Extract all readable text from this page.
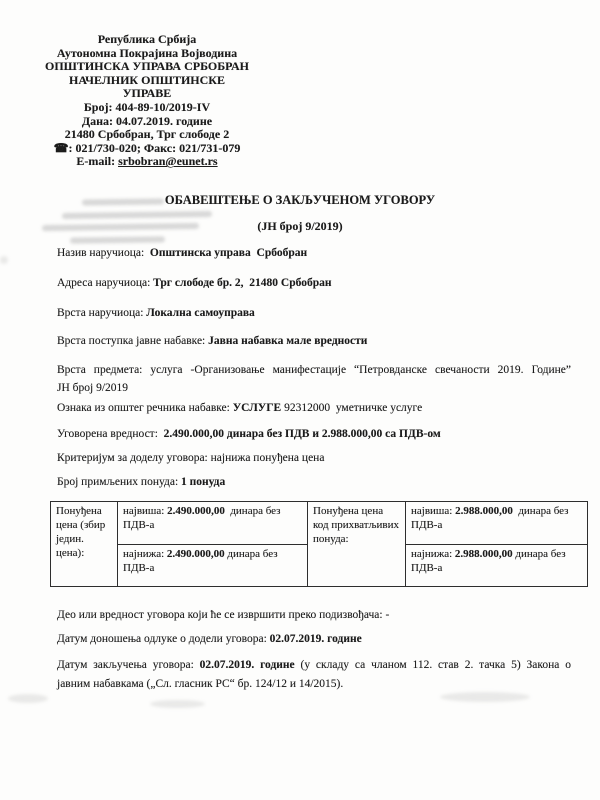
Република Србија
Аутономна Покрајина Војводина
ОПШТИНСКА УПРАВА СРБОБРАН
НАЧЕЛНИК ОПШТИНСКЕ
УПРАВЕ
Број: 404-89-10/2019-IV
Дана: 04.07.2019. године
21480 Србобран, Трг слободе 2
☎: 021/730-020; Факс: 021/731-079
E-mail: srbobran@eunet.rs
ОБАВЕШТЕЊЕ О ЗАКЉУЧЕНОМ УГОВОРУ
(ЈН број 9/2019)
Назив наручиоца:  Општинска управа  Србобран
Адреса наручиоца: Трг слободе бр. 2,  21480 Србобран
Врста наручиоца: Локална самоуправа
Врста поступка јавне набавке: Јавна набавка мале вредности
Врста предмета: услуга -Организовање манифестације “Петровданске свечаности 2019. Године”
ЈН број 9/2019
Ознака из општег речника набавке: УСЛУГЕ 92312000  уметничке услуге
Уговорена вредност:  2.490.000,00 динара без ПДВ и 2.988.000,00 са ПДВ-ом
Критеријум за доделу уговора: најнижа понуђена цена
Број примљених понуда: 1 понуда
Понуђена цена (збир једин. цена):	највиша: 2.490.000,00  динара без ПДВ-а	Понуђена цена код прихватљивих понуда:	највиша: 2.988.000,00  динара без ПДВ-а
	најнижа: 2.490.000,00 динара без ПДВ-а		најнижа: 2.988.000,00 динара без ПДВ-а
Део или вредност уговора који ће се извршити преко подизвођача: -
Датум доношења одлуке о додели уговора: 02.07.2019. године
Датум закључења уговора: 02.07.2019. године (у складу са чланом 112. став 2. тачка 5) Закона о
јавним набавкама („Сл. гласник РС“ бр. 124/12 и 14/2015).
